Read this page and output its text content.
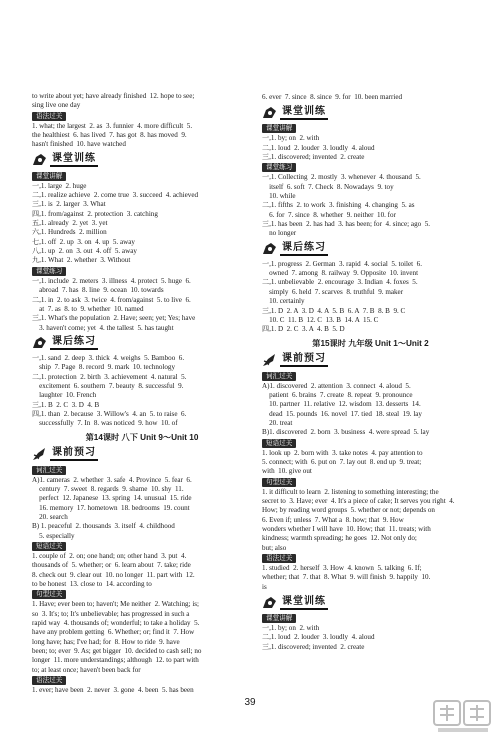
to write about yet; have already finished  12. hope to see;
sing live one day
语法过关
1. what; the largest  2. as  3. funnier  4. more difficult  5.
the healthiest  6. has lived  7. has got  8. has moved  9.
hasn't finished  10. have watched
课堂训练
课堂讲解
一,1. large  2. huge
二,1. realize achieve  2. come true  3. succeed  4. achieved
三,1. is  2. larger  3. What
四,1. from/against  2. protection  3. catching
五,1. already  2. yet  3. yet
六,1. Hundreds  2. million
七,1. off  2. up  3. on  4. up  5. away
八,1. up  2. on  3. out  4. off  5. away
九,1. What  2. whether  3. Without
课堂练习
一,1. include  2. meters  3. illness  4. protect  5. huge  6.
abroad  7. has  8. line  9. ocean  10. towards
二,1. in  2. to ask  3. twice  4. from/against  5. to live  6.
at  7. as  8. to  9. whether  10. named
三,1. What's the population  2. Have; seen; yet; Yes; have
3. haven't come; yet  4. the tallest  5. has taught
课后练习
一,1. sand  2. deep  3. thick  4. weighs  5. Bamboo  6.
ship  7. Page  8. record  9. mark  10. technology
二,1. protection  2. birth  3. achievement  4. natural  5.
excitement  6. southern  7. beauty  8. successful  9.
laughter  10. French
三,1. B  2. C  3. D  4. B
四,1. than  2. because  3. Willow's  4. an  5. to raise  6.
successfully  7. In  8. was noticed  9. how  10. of
第14课时 八下 Unit 9～Unit 10
课前预习
词汇过关
A)1. cameras  2. whether  3. safe  4. Province  5. fear  6.
century  7. sweet  8. regards  9. shame  10. shy  11.
perfect  12. Japanese  13. spring  14. unusual  15. ride
16. memory  17. hometown  18. bedrooms  19. count
20. search
B) 1. peaceful  2. thousands  3. itself  4. childhood
5. especially
短语过关
1. couple of  2. on; one hand; on; other hand  3. put  4.
thousands of  5. whether; or  6. learn about  7. take; ride
8. check out  9. clear out  10. no longer  11. part with  12.
to be honest  13. close to  14. according to
句型过关
1. Have; ever been to; haven't; Me neither  2. Watching; is;
so  3. It's; to; It's unbelievable; has progressed in such a
rapid way  4. thousands of; wonderful; to take a holiday  5.
have any problem getting  6. Whether; or; find it  7. How
long have; has; I've had; for  8. How to ride  9. have
been; to; ever  9. As; get bigger  10. decided to cash sell; no
longer  11. more understandings; although  12. to part with
to; at least once; haven't been back for
语法过关
1. ever; have been  2. never  3. gone  4. been  5. has been
6. ever  7. since  8. since  9. for  10. been married
课堂训练
课堂讲解
一,1. by; on  2. with
二,1. loud  2. louder  3. loudly  4. aloud
三,1. discovered; invented  2. create
课堂练习
一,1. Collecting  2. mostly  3. whenever  4. thousand  5.
itself  6. soft  7. Check  8. Nowadays  9. toy
10. while
二,1. fifths  2. to work  3. finishing  4. changing  5. as
6. for  7. since  8. whether  9. neither  10. for
三,1. has been  2. has had  3. has been; for  4. since; ago  5.
no longer
课后练习
一,1. progress  2. German  3. rapid  4. social  5. toilet  6.
owned  7. among  8. railway  9. Opposite  10. invent
二,1. unbelievable  2. encourage  3. Indian  4. foxes  5.
simply  6. held  7. scarves  8. truthful  9. maker
10. certainly
三,1. D  2. A  3. D  4. A  5. B  6. A  7. B  8. B  9. C
10. C  11. B  12. C  13. B  14. A  15. C
四,1. D  2. C  3. A  4. B  5. D
第15课时 九年级 Unit 1～Unit 2
课前预习
词汇过关
A)1. discovered  2. attention  3. connect  4. aloud  5.
patient  6. brains  7. create  8. repeat  9. pronounce
10. partner  11. relative  12. wisdom  13. desserts  14.
dead  15. pounds  16. novel  17. tied  18. steal  19. lay
20. treat
B)1. discovered  2. born  3. business  4. were spread  5. lay
短语过关
1. look up  2. born with  3. take notes  4. pay attention to
5. connect; with  6. put on  7. lay out  8. end up  9. treat;
with  10. give out
句型过关
1. it difficult to learn  2. listening to something interesting; the
secret to  3. Have; ever  4. It's a piece of cake; It serves you right  4.
How; by reading word groups  5. whether or not; depends on
6. Even if; unless  7. What a  8. how; that  9. How
wonders whether I will have  10. How; that  11. treats; with
kindness; warmth spreading; he goes  12. Not only do;
but; also
语法过关
1. studied  2. herself  3. How  4. known  5. talking  6. If;
whether; that  7. that  8. What  9. will finish  9. happily  10.
is
课堂训练
课堂讲解
一,1. by; on  2. with
二,1. loud  2. louder  3. loudly  4. aloud
三,1. discovered; invented  2. create
39
